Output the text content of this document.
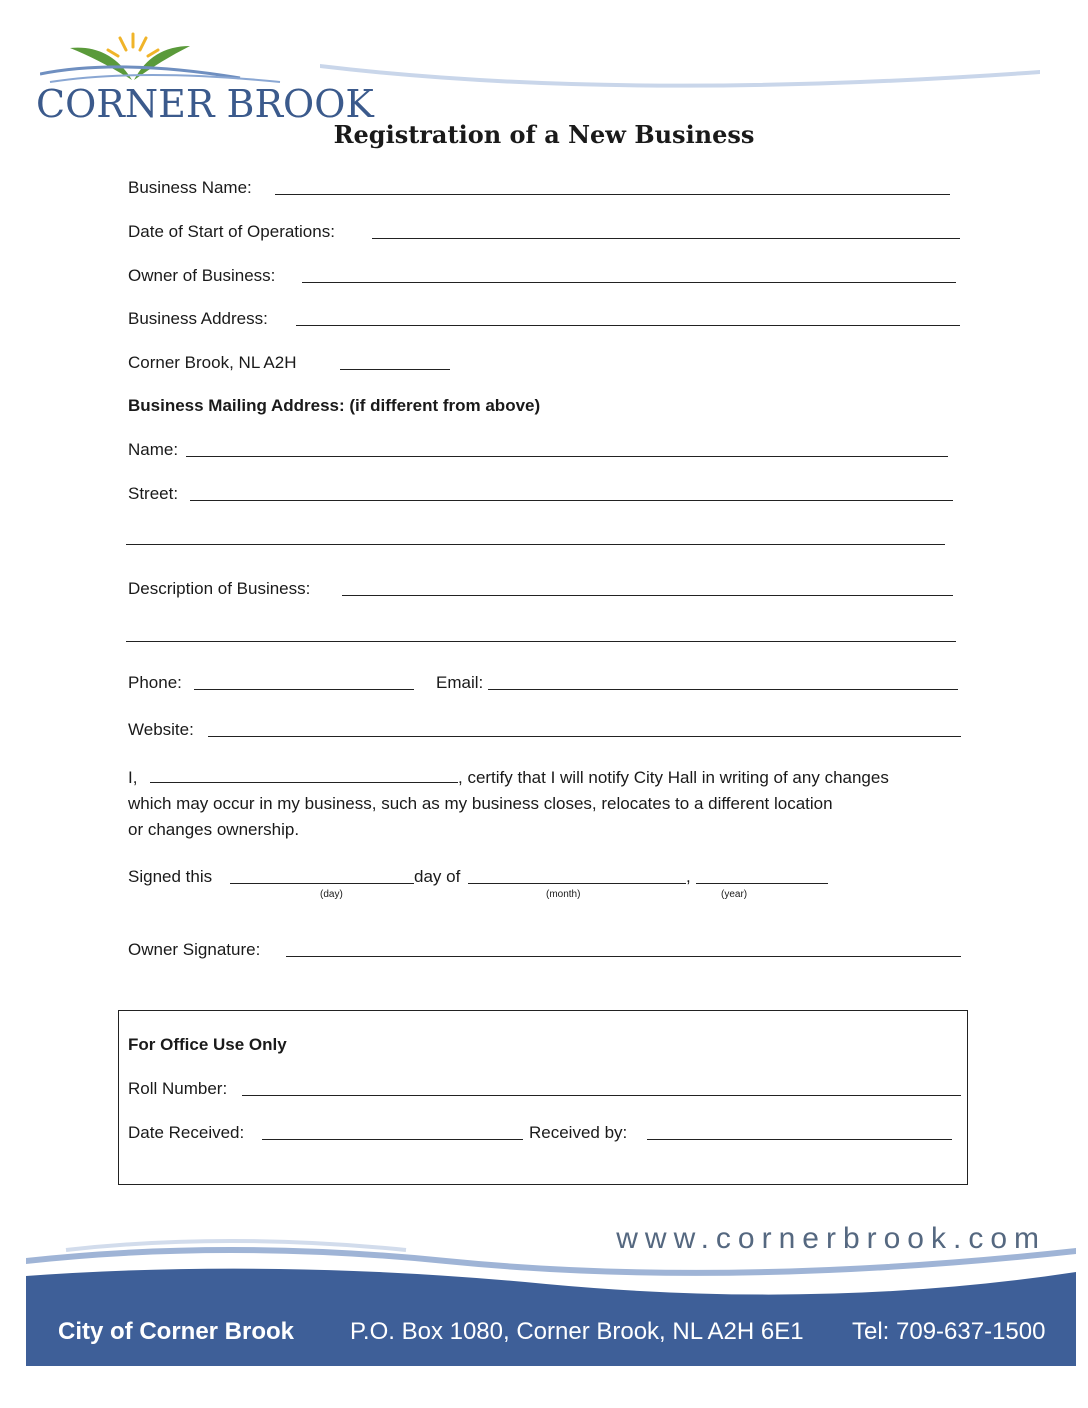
CORNER BROOK
Registration of a New Business
Business Name:
Date of Start of Operations:
Owner of Business:
Business Address:
Corner Brook, NL A2H
Business Mailing Address: (if different from above)
Name:
Street:
Description of Business:
Phone:	Email:
Website:
I,	, certify that I will notify City Hall in writing of any changes
which may occur in my business, such as my business closes, relocates to a different location
or changes ownership.
Signed this	day of	,
(day)	(month)	(year)
Owner Signature:
For Office Use Only
Roll Number:
Date Received:	Received by:
www.cornerbrook.com
City of Corner Brook P.O. Box 1080, Corner Brook, NL A2H 6E1 Tel: 709-637-1500
